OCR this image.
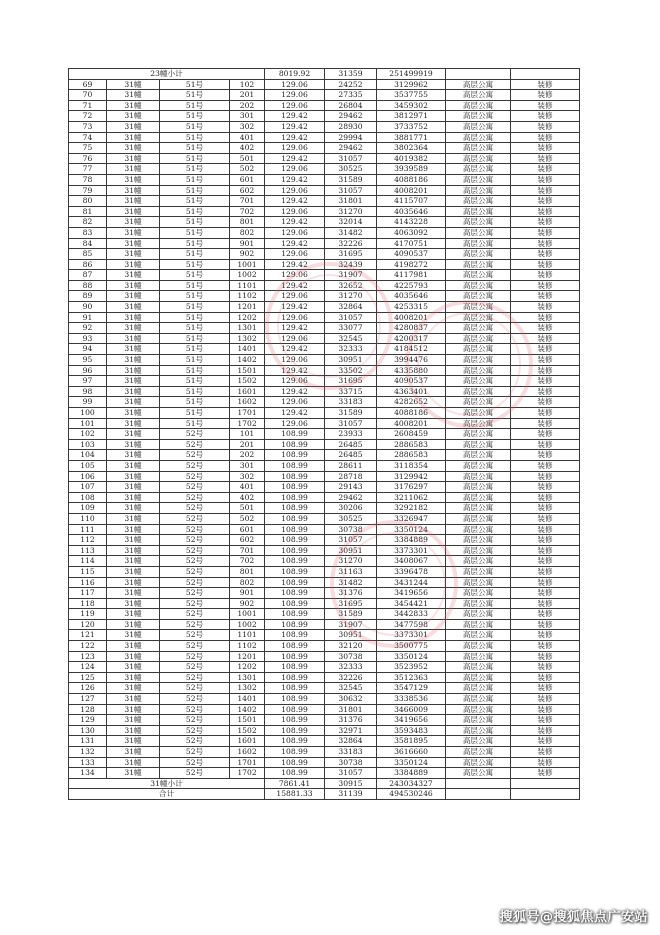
23幢小计				8019.92	31359	251499919		
69	31幢	51号	102	129.06	24252	3129962	高层公寓	装修
70	31幢	51号	201	129.06	27335	3537755	高层公寓	装修
71	31幢	51号	202	129.06	26804	3459302	高层公寓	装修
72	31幢	51号	301	129.42	29462	3812971	高层公寓	装修
73	31幢	51号	302	129.42	28930	3733752	高层公寓	装修
74	31幢	51号	401	129.42	29994	3881771	高层公寓	装修
75	31幢	51号	402	129.06	29462	3802364	高层公寓	装修
76	31幢	51号	501	129.42	31057	4019382	高层公寓	装修
77	31幢	51号	502	129.06	30525	3939589	高层公寓	装修
78	31幢	51号	601	129.42	31589	4088186	高层公寓	装修
79	31幢	51号	602	129.06	31057	4008201	高层公寓	装修
80	31幢	51号	701	129.42	31801	4115707	高层公寓	装修
81	31幢	51号	702	129.06	31270	4035646	高层公寓	装修
82	31幢	51号	801	129.42	32014	4143228	高层公寓	装修
83	31幢	51号	802	129.06	31482	4063092	高层公寓	装修
84	31幢	51号	901	129.42	32226	4170751	高层公寓	装修
85	31幢	51号	902	129.06	31695	4090537	高层公寓	装修
86	31幢	51号	1001	129.42	32439	4198272	高层公寓	装修
87	31幢	51号	1002	129.06	31907	4117981	高层公寓	装修
88	31幢	51号	1101	129.42	32652	4225793	高层公寓	装修
89	31幢	51号	1102	129.06	31270	4035646	高层公寓	装修
90	31幢	51号	1201	129.42	32864	4253315	高层公寓	装修
91	31幢	51号	1202	129.06	31057	4008201	高层公寓	装修
92	31幢	51号	1301	129.42	33077	4280837	高层公寓	装修
93	31幢	51号	1302	129.06	32545	4200317	高层公寓	装修
94	31幢	51号	1401	129.42	32333	4184512	高层公寓	装修
95	31幢	51号	1402	129.06	30951	3994476	高层公寓	装修
96	31幢	51号	1501	129.42	33502	4335880	高层公寓	装修
97	31幢	51号	1502	129.06	31695	4090537	高层公寓	装修
98	31幢	51号	1601	129.42	33715	4363401	高层公寓	装修
99	31幢	51号	1602	129.06	33183	4282652	高层公寓	装修
100	31幢	51号	1701	129.42	31589	4088186	高层公寓	装修
101	31幢	51号	1702	129.06	31057	4008201	高层公寓	装修
102	31幢	52号	101	108.99	23933	2608459	高层公寓	装修
103	31幢	52号	201	108.99	26485	2886583	高层公寓	装修
104	31幢	52号	202	108.99	26485	2886583	高层公寓	装修
105	31幢	52号	301	108.99	28611	3118354	高层公寓	装修
106	31幢	52号	302	108.99	28718	3129942	高层公寓	装修
107	31幢	52号	401	108.99	29143	3176297	高层公寓	装修
108	31幢	52号	402	108.99	29462	3211062	高层公寓	装修
109	31幢	52号	501	108.99	30206	3292182	高层公寓	装修
110	31幢	52号	502	108.99	30525	3326947	高层公寓	装修
111	31幢	52号	601	108.99	30738	3350124	高层公寓	装修
112	31幢	52号	602	108.99	31057	3384889	高层公寓	装修
113	31幢	52号	701	108.99	30951	3373301	高层公寓	装修
114	31幢	52号	702	108.99	31270	3408067	高层公寓	装修
115	31幢	52号	801	108.99	31163	3396478	高层公寓	装修
116	31幢	52号	802	108.99	31482	3431244	高层公寓	装修
117	31幢	52号	901	108.99	31376	3419656	高层公寓	装修
118	31幢	52号	902	108.99	31695	3454421	高层公寓	装修
119	31幢	52号	1001	108.99	31589	3442833	高层公寓	装修
120	31幢	52号	1002	108.99	31907	3477598	高层公寓	装修
121	31幢	52号	1101	108.99	30951	3373301	高层公寓	装修
122	31幢	52号	1102	108.99	32120	3500775	高层公寓	装修
123	31幢	52号	1201	108.99	30738	3350124	高层公寓	装修
124	31幢	52号	1202	108.99	32333	3523952	高层公寓	装修
125	31幢	52号	1301	108.99	32226	3512363	高层公寓	装修
126	31幢	52号	1302	108.99	32545	3547129	高层公寓	装修
127	31幢	52号	1401	108.99	30632	3338536	高层公寓	装修
128	31幢	52号	1402	108.99	31801	3466009	高层公寓	装修
129	31幢	52号	1501	108.99	31376	3419656	高层公寓	装修
130	31幢	52号	1502	108.99	32971	3593483	高层公寓	装修
131	31幢	52号	1601	108.99	32864	3581895	高层公寓	装修
132	31幢	52号	1602	108.99	33183	3616660	高层公寓	装修
133	31幢	52号	1701	108.99	30738	3350124	高层公寓	装修
134	31幢	52号	1702	108.99	31057	3384889	高层公寓	装修
31幢小计				7861.41	30915	243034327		
合计				15881.33	31139	494530246		
搜狐号@搜狐焦点广安站
